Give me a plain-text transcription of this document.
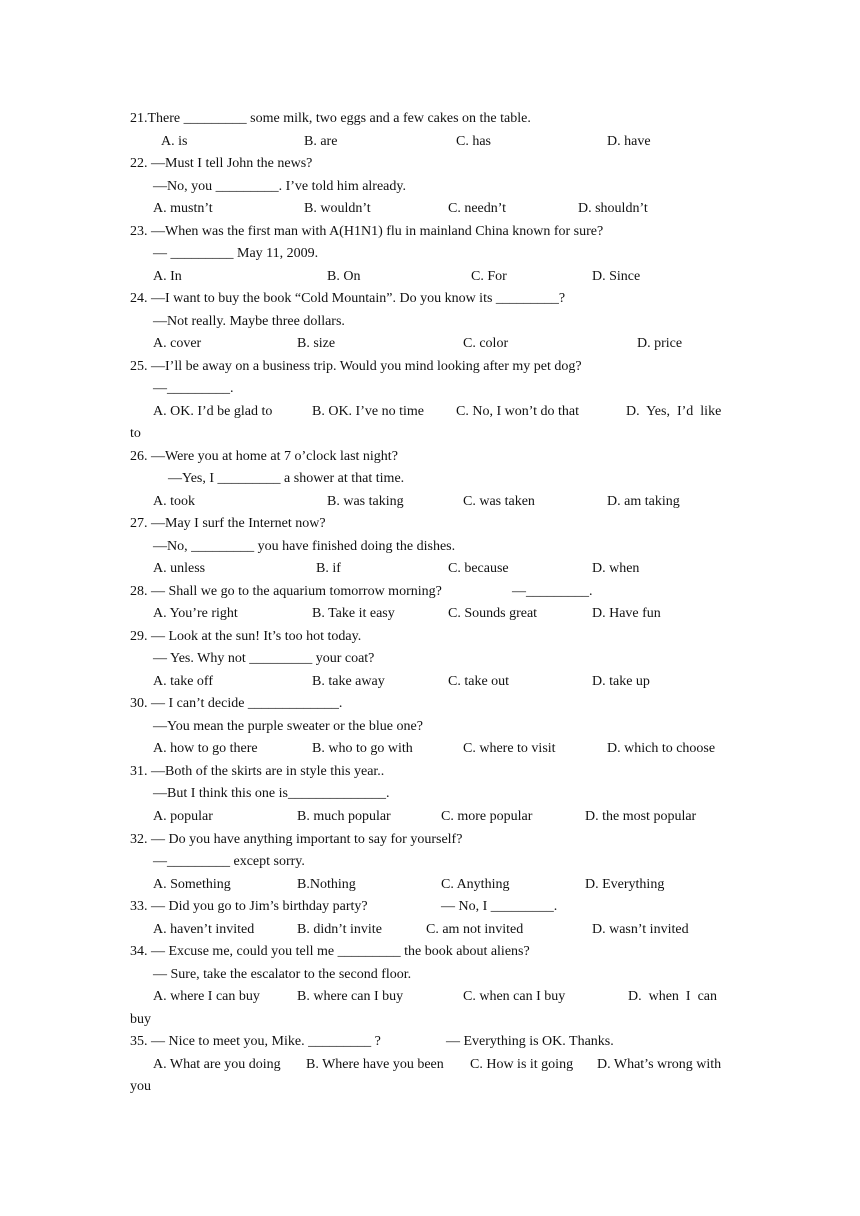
21.There _________ some milk, two eggs and a few cakes on the table.
A. is	B. are	C. has	D. have
22. —Must I tell John the news?
—No, you _________. I’ve told him already.
A. mustn’t	B. wouldn’t	C. needn’t	D. shouldn’t
23. —When was the first man with A(H1N1) flu in mainland China known for sure?
— _________ May 11, 2009.
A. In	B. On	C. For	D. Since
24. —I want to buy the book “Cold Mountain”. Do you know its _________?
—Not really. Maybe three dollars.
A. cover	B. size	C. color	D. price
25. —I’ll be away on a business trip. Would you mind looking after my pet dog?
—_________.
A. OK. I’d be glad to	B. OK. I’ve no time C. No, I won’t do that	D.  Yes,  I’d  like
to
26. —Were you at home at 7 o’clock last night?
—Yes, I _________ a shower at that time.
A. took	B. was taking	C. was taken	D. am taking
27. —May I surf the Internet now?
—No, _________ you have finished doing the dishes.
A. unless	B. if	C. because	D. when
28. ― Shall we go to the aquarium tomorrow morning?	―_________.
A. You’re right	B. Take it easy	C. Sounds great	D. Have fun
29. — Look at the sun! It’s too hot today.
— Yes. Why not _________ your coat?
A. take off	B. take away	C. take out	D. take up
30. — I can’t decide _____________.
—You mean the purple sweater or the blue one?
A. how to go there	B. who to go with	C. where to visit	D. which to choose
31. —Both of the skirts are in style this year..
—But I think this one is______________.
A. popular	B. much popular	C. more popular	D. the most popular
32. — Do you have anything important to say for yourself?
—_________ except sorry.
A. Something	B.Nothing	C. Anything	D. Everything
33. — Did you go to Jim’s birthday party?	— No, I _________.
A. haven’t invited	B. didn’t invite	C. am not invited	D. wasn’t invited
34. — Excuse me, could you tell me _________ the book about aliens?
— Sure, take the escalator to the second floor.
A. where I can buy	B. where can I buy	C. when can I buy	D.  when  I  can
buy
35. — Nice to meet you, Mike. _________ ?	— Everything is OK. Thanks.
A. What are you doing B. Where have you been C. How is it going D. What’s wrong with
you
